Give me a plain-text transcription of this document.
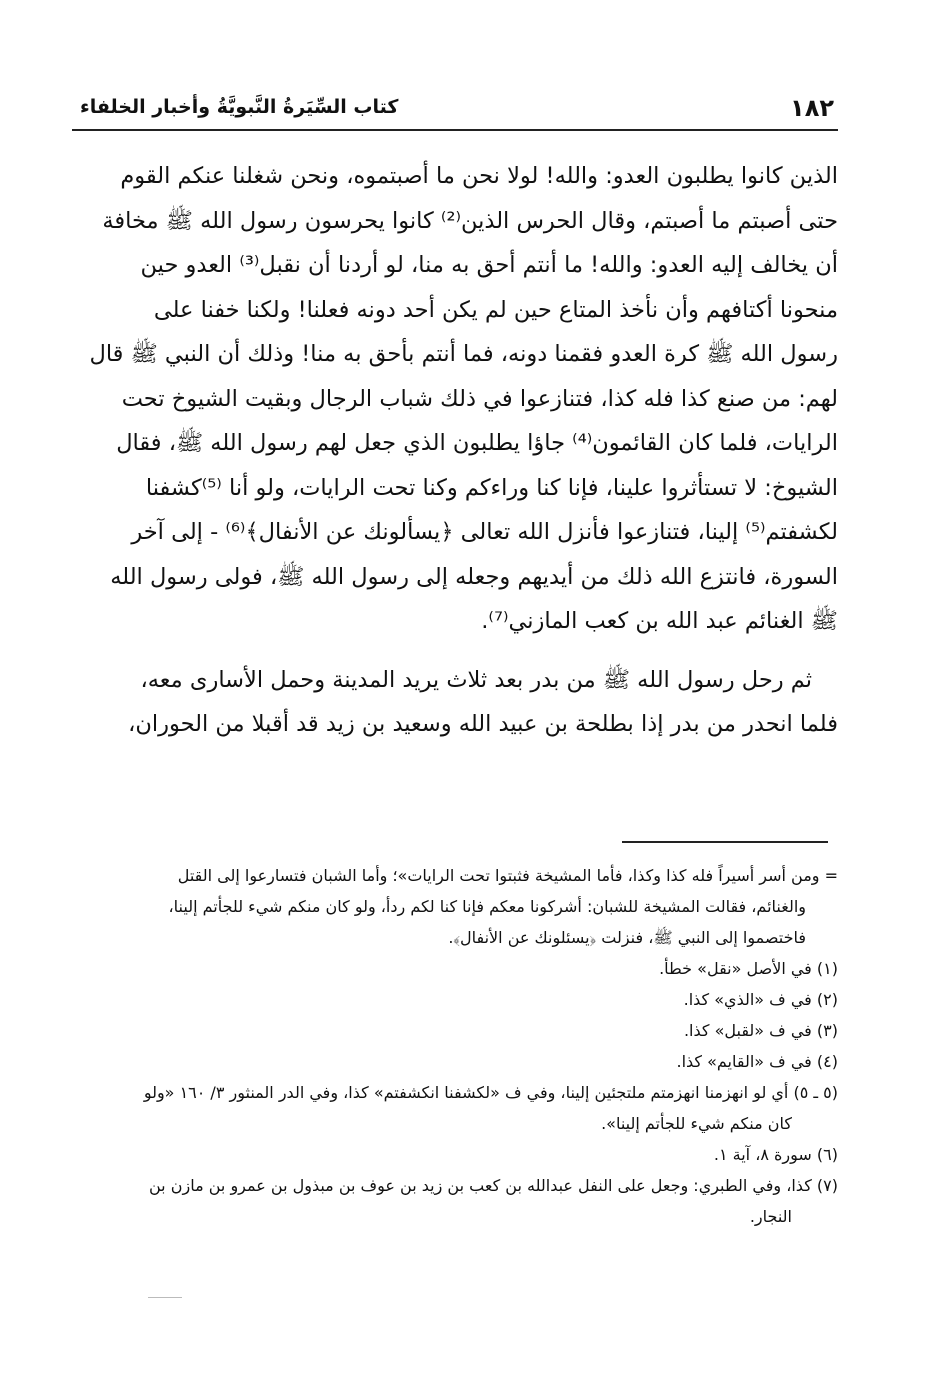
١٨٢
كتاب السِّيَرةُ النَّبويَّةُ وأخبار الخلفاء

الذين كانوا يطلبون العدو: والله! لولا نحن ما أصبتموه، ونحن شغلنا عنكم القوم

حتى أصبتم ما أصبتم، وقال الحرس الذين⁽²⁾ كانوا يحرسون رسول الله ﷺ مخافة

أن يخالف إليه العدو: والله! ما أنتم أحق به منا، لو أردنا أن نقبل⁽³⁾ العدو حين

منحونا أكتافهم وأن نأخذ المتاع حين لم يكن أحد دونه فعلنا! ولكنا خفنا على

رسول الله ﷺ كرة العدو فقمنا دونه، فما أنتم بأحق به منا! وذلك أن النبي ﷺ قال

لهم: من صنع كذا فله كذا، فتنازعوا في ذلك شباب الرجال وبقيت الشيوخ تحت

الرايات، فلما كان القائمون⁽⁴⁾ جاؤا يطلبون الذي جعل لهم رسول الله ﷺ، فقال

الشيوخ: لا تستأثروا علينا، فإنا كنا وراءكم وكنا تحت الرايات، ولو أنا ⁽⁵⁾كشفنا

لكشفتم⁽⁵⁾ إلينا، فتنازعوا فأنزل الله تعالى ﴿يسألونك عن الأنفال﴾⁽⁶⁾ - إلى آخر

السورة، فانتزع الله ذلك من أيديهم وجعله إلى رسول الله ﷺ، فولى رسول الله

ﷺ الغنائم عبد الله بن كعب المازني⁽⁷⁾.

ثم رحل رسول الله ﷺ من بدر بعد ثلاث يريد المدينة وحمل الأسارى معه،

فلما انحدر من بدر إذا بطلحة بن عبيد الله وسعيد بن زيد قد أقبلا من الحوران،

= ومن أسر أسيراً فله كذا وكذا، فأما المشيخة فثبتوا تحت الرايات»؛ وأما الشبان فتسارعوا إلى القتل

والغنائم، فقالت المشيخة للشبان: أشركونا معكم فإنا كنا لكم ردأ، ولو كان منكم شيء للجأتم إلينا،

فاختصموا إلى النبي ﷺ، فنزلت ﴿يسئلونك عن الأنفال﴾.

(١) في الأصل «نقل» خطأ.

(٢) في ف «الذي» كذا.

(٣) في ف «لقبل» كذا.

(٤) في ف «القايم» كذا.

(٥ ـ ٥) أي لو انهزمنا انهزمتم ملتجئين إلينا، وفي ف «لكشفنا انكشفتم» كذا، وفي الدر المنثور ٣/ ١٦٠ «ولو

كان منكم شيء للجأتم إلينا».

(٦) سورة ٨، آية ١.

(٧) كذا، وفي الطبري: وجعل على النفل عبدالله بن كعب بن زيد بن عوف بن مبذول بن عمرو بن مازن بن

النجار.
